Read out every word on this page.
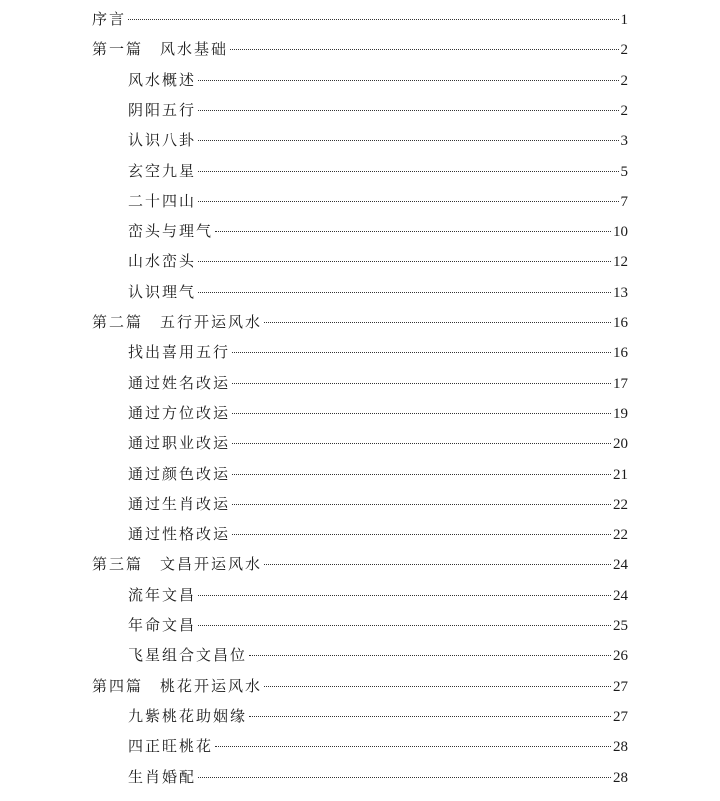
序言	1
第一篇　风水基础	2
风水概述	2
阴阳五行	2
认识八卦	3
玄空九星	5
二十四山	7
峦头与理气	10
山水峦头	12
认识理气	13
第二篇　五行开运风水	16
找出喜用五行	16
通过姓名改运	17
通过方位改运	19
通过职业改运	20
通过颜色改运	21
通过生肖改运	22
通过性格改运	22
第三篇　文昌开运风水	24
流年文昌	24
年命文昌	25
飞星组合文昌位	26
第四篇　桃花开运风水	27
九紫桃花助姻缘	27
四正旺桃花	28
生肖婚配	28
